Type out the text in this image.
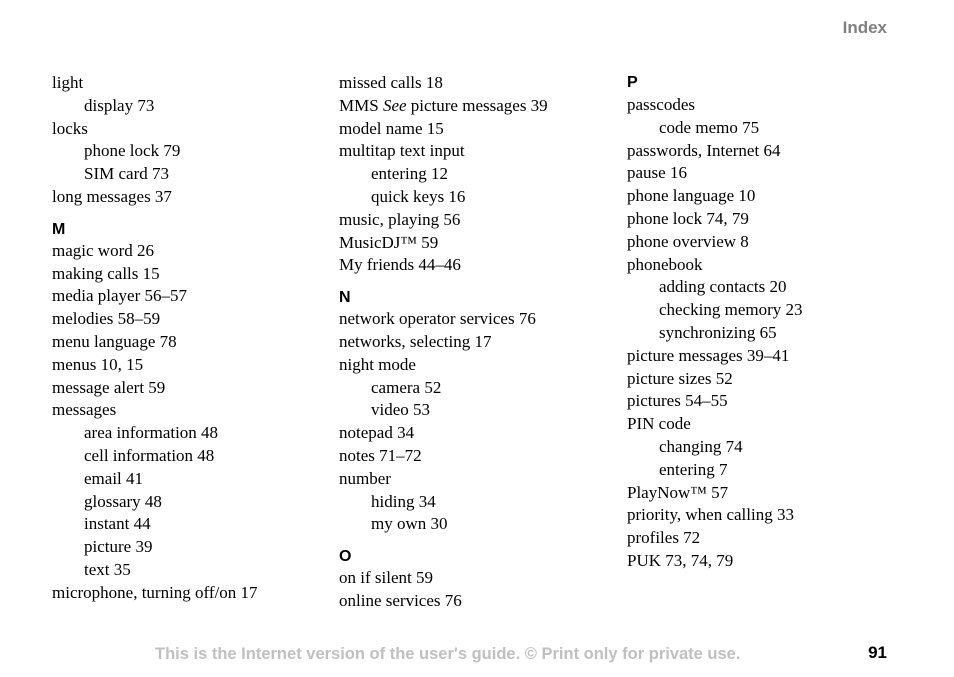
Index
light
display 73
locks
phone lock 79
SIM card 73
long messages 37
M
magic word 26
making calls 15
media player 56–57
melodies 58–59
menu language 78
menus 10, 15
message alert 59
messages
area information 48
cell information 48
email 41
glossary 48
instant 44
picture 39
text 35
microphone, turning off/on 17
missed calls 18
MMS See picture messages 39
model name 15
multitap text input
entering 12
quick keys 16
music, playing 56
MusicDJ™ 59
My friends 44–46
N
network operator services 76
networks, selecting 17
night mode
camera 52
video 53
notepad 34
notes 71–72
number
hiding 34
my own 30
O
on if silent 59
online services 76
P
passcodes
code memo 75
passwords, Internet 64
pause 16
phone language 10
phone lock 74, 79
phone overview 8
phonebook
adding contacts 20
checking memory 23
synchronizing 65
picture messages 39–41
picture sizes 52
pictures 54–55
PIN code
changing 74
entering 7
PlayNow™ 57
priority, when calling 33
profiles 72
PUK 73, 74, 79
This is the Internet version of the user's guide. © Print only for private use.	91
